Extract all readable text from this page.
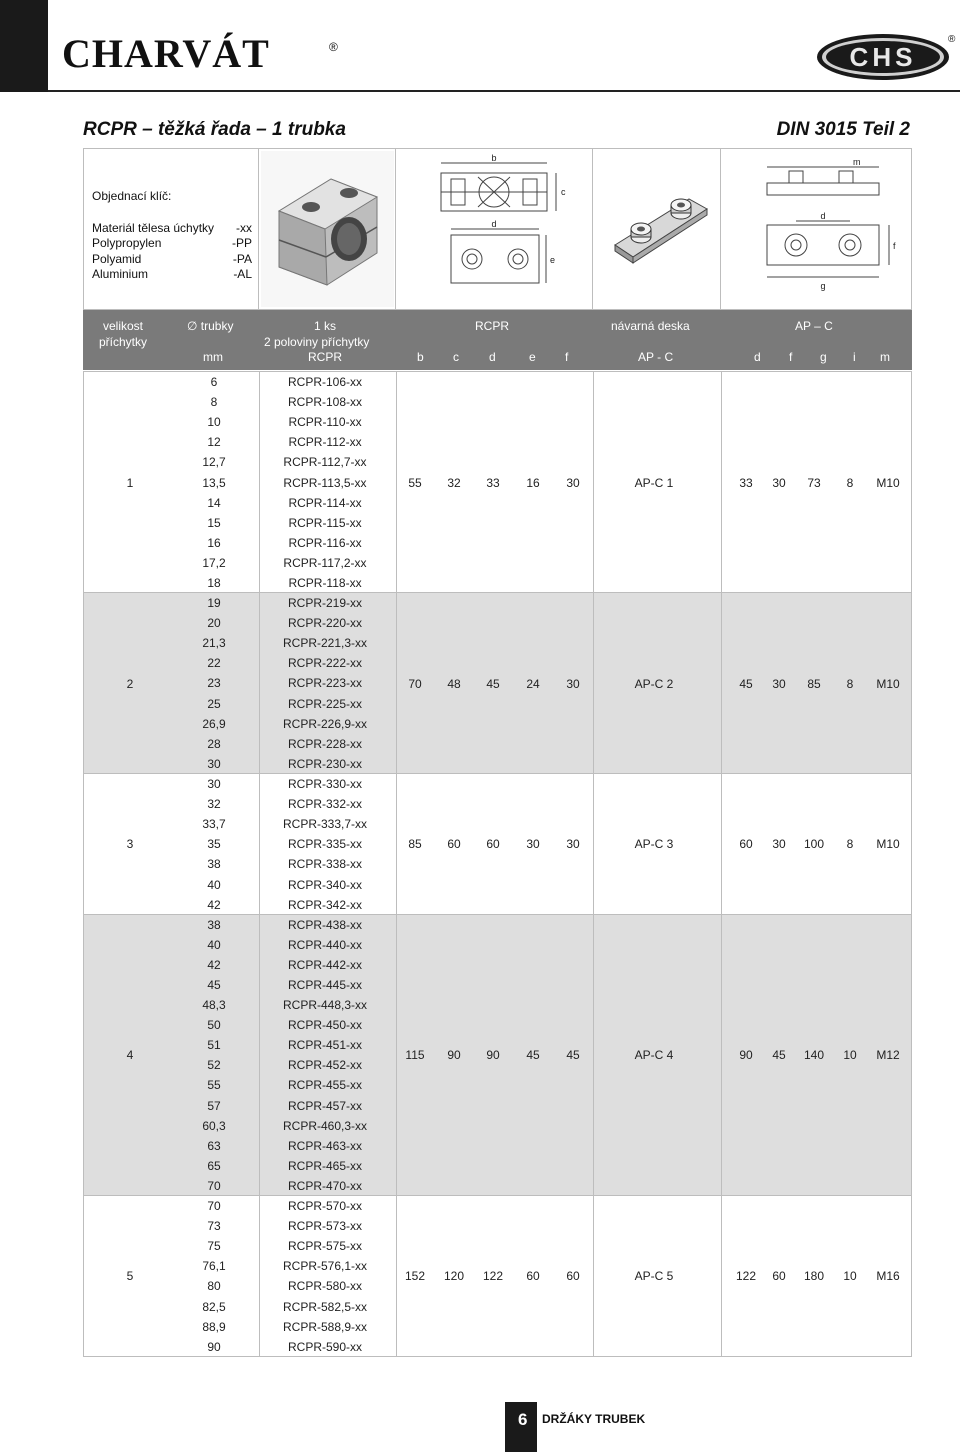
CHARVÁT	®	CHS
®
RCPR – těžká řada – 1 trubka	DIN 3015 Teil 2
Objednací klíč:
Materiál tělesa úchytky -xx
Polypropylen	-PP
Polyamid	-PA
Aluminium	-AL
b
c
d
e
m
d
f
g
velikost
příchytky
∅ trubky
mm
1 ks
2 poloviny příchytky
RCPR
RCPR
b c	d	e f
návarná deska
AP - C
AP – C
d f g i m
6	RCPR-106-xx
8	RCPR-108-xx
10	RCPR-110-xx
12	RCPR-112-xx
12,7	RCPR-112,7-xx
13,5	RCPR-113,5-xx
14	RCPR-114-xx
15	RCPR-115-xx
16	RCPR-116-xx
17,2	RCPR-117,2-xx
18	RCPR-118-xx
1	55	32	33	16	30	AP-C 1	33	30	73	8	M10
19	RCPR-219-xx
20	RCPR-220-xx
21,3	RCPR-221,3-xx
22	RCPR-222-xx
23	RCPR-223-xx
25	RCPR-225-xx
26,9	RCPR-226,9-xx
28	RCPR-228-xx
30	RCPR-230-xx
2	70	48	45	24	30	AP-C 2	45	30	85	8	M10
30	RCPR-330-xx
32	RCPR-332-xx
33,7	RCPR-333,7-xx
35	RCPR-335-xx
38	RCPR-338-xx
40	RCPR-340-xx
42	RCPR-342-xx
3	85	60	60	30	30	AP-C 3	60	30	100	8	M10
38	RCPR-438-xx
40	RCPR-440-xx
42	RCPR-442-xx
45	RCPR-445-xx
48,3	RCPR-448,3-xx
50	RCPR-450-xx
51	RCPR-451-xx
52	RCPR-452-xx
55	RCPR-455-xx
57	RCPR-457-xx
60,3	RCPR-460,3-xx
63	RCPR-463-xx
65	RCPR-465-xx
70	RCPR-470-xx
4	115	90	90	45	45	AP-C 4	90	45	140	10	M12
70	RCPR-570-xx
73	RCPR-573-xx
75	RCPR-575-xx
76,1	RCPR-576,1-xx
80	RCPR-580-xx
82,5	RCPR-582,5-xx
88,9	RCPR-588,9-xx
90	RCPR-590-xx
5	152	120	122	60	60	AP-C 5	122	60	180	10	M16
6 DRŽÁKY TRUBEK
